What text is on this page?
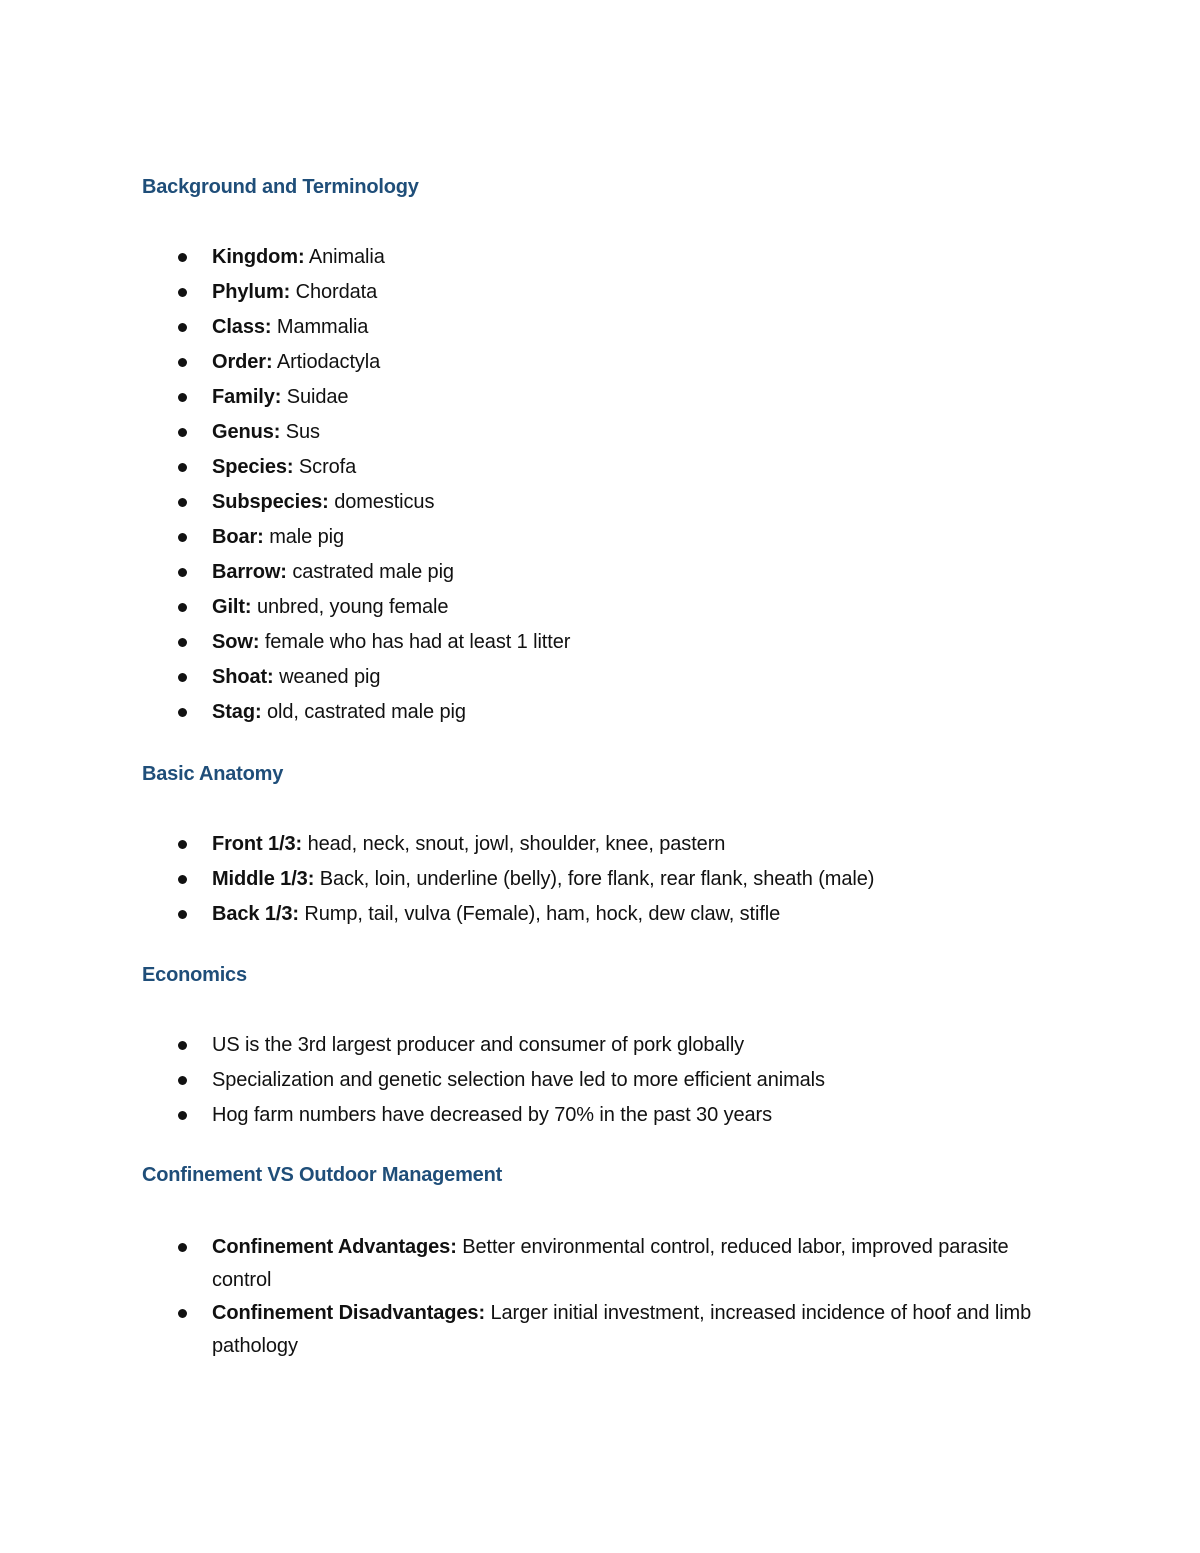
Background and Terminology
Kingdom: Animalia
Phylum: Chordata
Class: Mammalia
Order: Artiodactyla
Family: Suidae
Genus: Sus
Species: Scrofa
Subspecies: domesticus
Boar: male pig
Barrow: castrated male pig
Gilt: unbred, young female
Sow: female who has had at least 1 litter
Shoat: weaned pig
Stag: old, castrated male pig
Basic Anatomy
Front 1/3: head, neck, snout, jowl, shoulder, knee, pastern
Middle 1/3: Back, loin, underline (belly), fore flank, rear flank, sheath (male)
Back 1/3: Rump, tail, vulva (Female), ham, hock, dew claw, stifle
Economics
US is the 3rd largest producer and consumer of pork globally
Specialization and genetic selection have led to more efficient animals
Hog farm numbers have decreased by 70% in the past 30 years
Confinement VS Outdoor Management
Confinement Advantages: Better environmental control, reduced labor, improved parasite control
Confinement Disadvantages: Larger initial investment, increased incidence of hoof and limb pathology
